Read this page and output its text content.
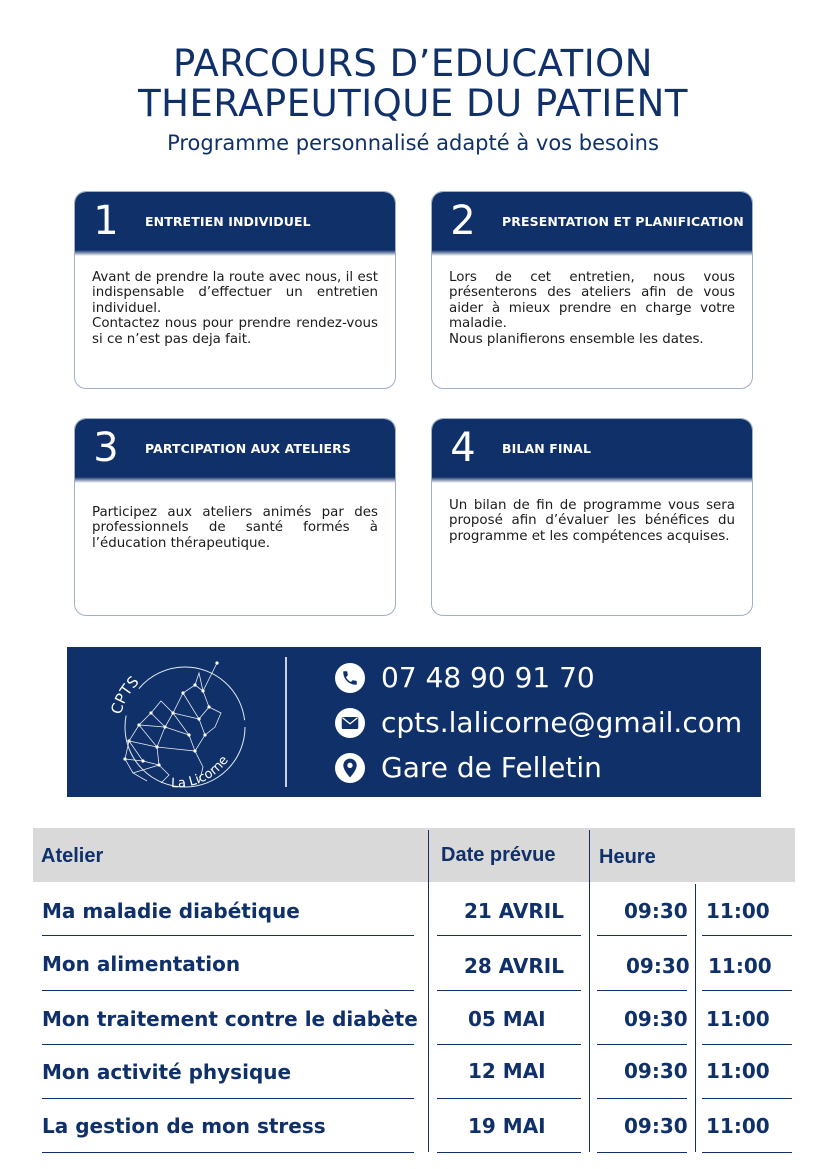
PARCOURS D’EDUCATION
THERAPEUTIQUE DU PATIENT
Programme personnalisé adapté à vos besoins
1	ENTRETIEN INDIVIDUEL

Avant de prendre la route avec nous, il est indispensable d’effectuer un entretien individuel.

Contactez nous pour prendre rendez-vous si ce n’est pas deja fait.

2	PRESENTATION ET PLANIFICATION

Lors de cet entretien, nous vous présenterons des ateliers afin de vous aider à mieux prendre en charge votre maladie.

Nous planifierons ensemble les dates.

3	PARTCIPATION AUX ATELIERS

Participez aux ateliers animés par des professionnels de santé formés à l’éducation thérapeutique.

4	BILAN FINAL

Un bilan de fin de programme vous sera proposé afin d’évaluer les bénéfices du programme et les compétences acquises.

CPTS
La Licorne
07 48 90 91 70
cpts.lalicorne@gmail.com
Gare de Felletin
Atelier	Date prévue Heure
Ma maladie diabétique	21 AVRIL	09:30 11:00
Mon alimentation	28 AVRIL	09:30 11:00
Mon traitement contre le diabète	05 MAI	09:30 11:00
Mon activité physique	12 MAI	09:30 11:00
La gestion de mon stress	19 MAI	09:30 11:00
